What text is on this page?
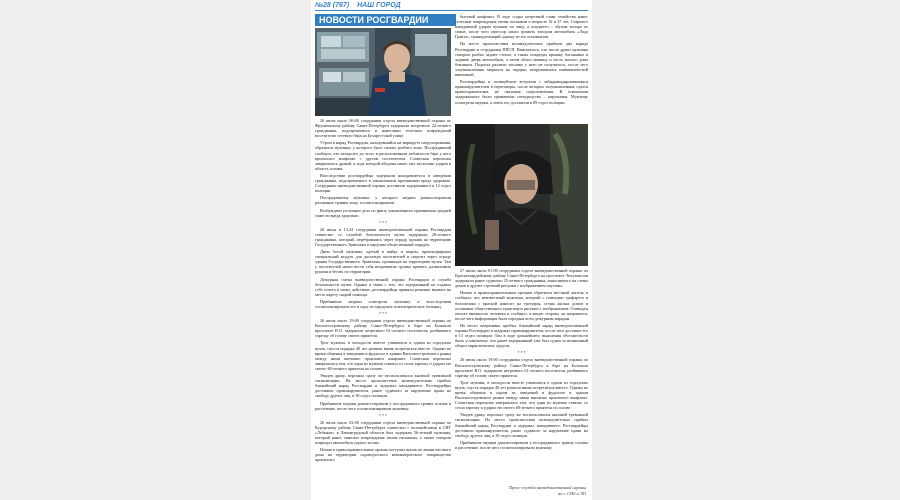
№28 (767) НАШ ГОРОД
НОВОСТИ РОСГВАРДИИ

26 июля около 06:00 сотрудники отдела вневедомственной охраны по Фрунзенскому району Санкт-Петербурга задержали нетрезвого 22-летнего гражданина, подозреваемого в нанесении телесных повреждений посетителю сетевого бара на Бухарестской улице.

Утром в наряд Росгвардии, находившийся на маршруте патрулирования, обратился мужчина, у которого было сильно разбито лицо. Пострадавший сообщил, что незадолго до этого в расположенном поблизости баре у него произошел конфликт с другим посетителем. Словесная перепалка завершилась дракой, в ходе которой обидчик нанес ему несколько ударов в область головы.

Впоследствии росгвардейцы задержали находившегося в заведении гражданина, подозреваемого в умышленном причинении вреда здоровью. Сотрудники вневедомственной охраны доставили задержанного в 12 отдел полиции.

Пострадавшему мужчине, у которого медики диагностировали различные травмы лица, госпитализировали.

Возбуждено уголовное дело по факту умышленного причинения средней тяжести вреда здоровью.

* * *

26 июля в 13:24 сотрудники вневедомственной охраны Росгвардии совместно со службой безопасности музея задержали 28-летнего гражданина, который, перебравшись через ограду, проник на территорию Государственного Эрмитажа и нарушил общественный порядок.

Днем босой мужчина, одетый в майку и шорты, проигнорировал специальный модуль для досмотра посетителей и перелез через ограду здания Государственного Эрмитажа, проникнув на территорию музея. Там у посетителей начал вести себя неадекватно громко кричать, размахивать руками и бегать по территории.

Дежурная смена вневедомственной охраны Росгвардии и служба безопасности музея. Однако в связи с тем, что задержанный не отдавал себе отчета в своих действиях, росгвардейцы приняли решение вызвать на место карету скорой помощи.

Прибывшие медики осмотрели мужчину и впоследствии госпитализировали его в одну из городских психиатрических больниц.

* * *

26 июля около 19:00 сотрудники отдела вневедомственной охраны по Василеостровскому району Санкт-Петербурга в баре на Большом проспекте В.О. задержали нетрезвого 61-летнего посетителя, разбившего тарелку об голову своего приятеля.

Трое мужчин, в молодости вместе учившиеся в одном из городских вузов, спустя порядка 40 лет решили вновь встретиться вместе. Однако во время общения в заведении в фудхолле в здании Васильеостровского рынка между ними внезапно произошел конфликт. Словесная перепалка завершилась тем, что один из мужчин схватил со стола тарелку и ударил ею своего 60-летнего приятеля по голове.

Увидев драку, персонал сразу же воспользовался кнопкой тревожной сигнализации. На место происшествия незамедлительно прибыл ближайший наряд Росгвардии и задержал нападавшего. Росгвардейцы доставили правонарушителя, ранее судимого за нарушение права на свободу других лиц, в 30 отдел полиции.

Прибывшие медики диагностировали у пострадавшего травму головы и рассечение, после чего госпитализировали мужчину.

* * *

26 июля около 02:00 сотрудники отдела вневедомственной охраны по Курортному району Санкт-Петербурга совместно с полицейскими в СНТ «Лебяжье» в Ленинградской области был задержан 56-летний мужчина, который нанес тяжелые повреждения своим пасынкам, а также топором повредил автомобиль одного из них.

Ночью в правоохранительные органы поступил вызов по линии частного дома на территории садоводческого некоммерческого товарищества произошел

бытовой конфликт. В ходе ссоры нетрезвый глава семейства нанес телесные повреждения своим пасынкам в возрасте 32 и 27 лет. Старшего нападавший ударил кулаком по лицу, а младшего – обухом топора по спине, после чего агрессор начал громить топором автомобиль «Лада Гранта», принадлежащий одному из его оппонентов.

На место происшествия незамедлительно прибыли два наряда Росгвардии и сотрудники ППСП. Выяснилось, что после драки мужчина топором разбил заднее стекло, а также повредил крышку багажника и заднюю дверь автомобиля, а затем облил машину и часть жилого дома бензином. Подмога разлили топливо у него не получилось, после чего злоумышленник закрылся на чердаке, вооружившись пневматической винтовкой.

Росгвардейцы и полицейские вступили с забаррикадировавшимся правонарушителем в переговоры, после которых злоумышленник сдался правоохранителям, не оказывая сопротивления. В отношении задержанного были применены спецсредства – наручники. Мужчину осмотрели медики, а затем его доставили в 89 отдел полиции.

27 июля около 01:00 сотрудники отдела вневедомственной охраны по Красногвардейскому району Санкт-Петербурга на проспекте Энтузиастов задержали ранее судимого 25-летнего гражданина, наносившего на стены домов и других строений рисунки с изображением паутины.

Ночью к правоохранительным органам обратился местный житель и сообщил, что неизвестный мужчина, который с помощью трафарета и баллончика с краской наносит на тротуары, стены жилых домов и остановки общественного транспорта рисунки с изображением. Очевидец описал внешность человека и сообщил, в какую сторону он направился, после чего информация была передана всем дежурным нарядам.

На место оперативно прибыл ближайший наряд вневедомственной охраны Росгвардии и задержал правонарушителя, после чего доставил его в 13 отдел полиции. Там в ходе дальнейшего выяснения обстоятельств было установлено, что ранее задержанный уже был судим за незаконный оборот наркотических средств.

* * *

26 июля около 19:00 сотрудники отдела вневедомственной охраны по Василеостровскому району Санкт-Петербурга в баре на Большом проспекте В.О. задержали нетрезвого 61-летнего посетителя, разбившего тарелку об голову своего приятеля.

Трое мужчин, в молодости вместе учившиеся в одном из городских вузов, спустя порядка 40 лет решили вновь встретиться вместе. Однако во время общения в одном из заведений в фудхолле в здании Васильеостровского рынка между ними внезапно произошел конфликт. Словесная перепалка завершилась тем, что один из мужчин схватил со стола тарелку и ударил ею своего 60-летнего приятеля по голове.

Увидев драку, персонал сразу же воспользовался кнопкой тревожной сигнализации. На место происшествия незамедлительно прибыл ближайший наряд Росгвардии и задержал нападавшего. Росгвардейцы доставили правонарушителя, ранее судимого за нарушение права на свободу других лиц, в 30 отдел полиции.

Прибывшие медики диагностировали у пострадавшего травму головы и рассечение, после чего госпитализировали мужчину.

Пресс-служба вневедомственной охраны по г. СПб и ЛО
